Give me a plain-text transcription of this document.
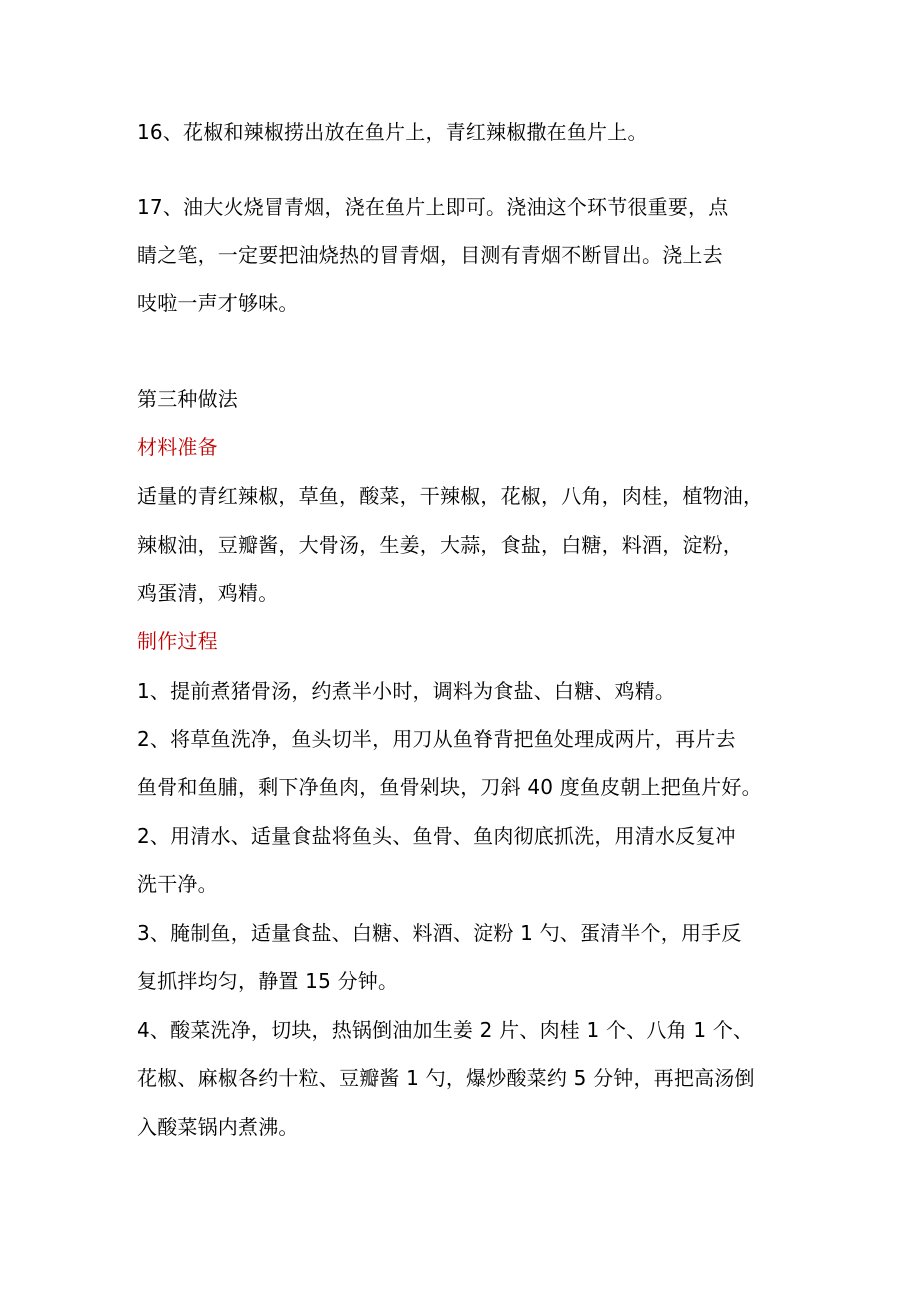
16、花椒和辣椒捞出放在鱼片上，青红辣椒撒在鱼片上。
17、油大火烧冒青烟，浇在鱼片上即可。浇油这个环节很重要，点
睛之笔，一定要把油烧热的冒青烟，目测有青烟不断冒出。浇上去
吱啦一声才够味。
第三种做法
材料准备
适量的青红辣椒，草鱼，酸菜，干辣椒，花椒，八角，肉桂，植物油，
辣椒油，豆瓣酱，大骨汤，生姜，大蒜，食盐，白糖，料酒，淀粉，
鸡蛋清，鸡精。
制作过程
1、提前煮猪骨汤，约煮半小时，调料为食盐、白糖、鸡精。
2、将草鱼洗净，鱼头切半，用刀从鱼脊背把鱼处理成两片，再片去
鱼骨和鱼脯，剩下净鱼肉，鱼骨剁块，刀斜 40 度鱼皮朝上把鱼片好。
2、用清水、适量食盐将鱼头、鱼骨、鱼肉彻底抓洗，用清水反复冲
洗干净。
3、腌制鱼，适量食盐、白糖、料酒、淀粉 1 勺、蛋清半个，用手反
复抓拌均匀，静置 15 分钟。
4、酸菜洗净，切块，热锅倒油加生姜 2 片、肉桂 1 个、八角 1 个、
花椒、麻椒各约十粒、豆瓣酱 1 勺，爆炒酸菜约 5 分钟，再把高汤倒
入酸菜锅内煮沸。
